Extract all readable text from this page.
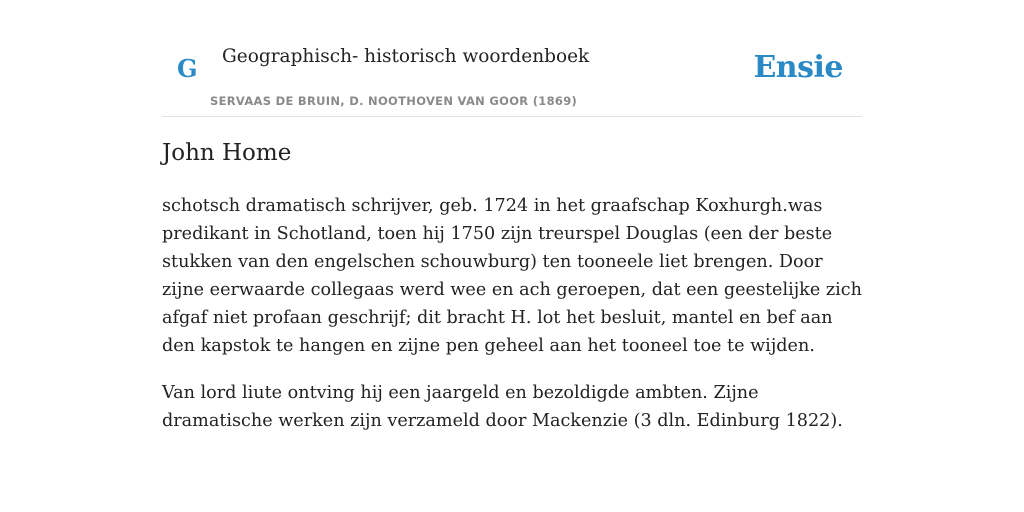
G Geographisch- historisch woordenboek
SERVAAS DE BRUIN, D. NOOTHOVEN VAN GOOR (1869)
Ensie
John Home

schotsch dramatisch schrijver, geb. 1724 in het graafschap Koxhurgh.was predikant in Schotland, toen hij 1750 zijn treurspel Douglas (een der beste stukken van den engelschen schouwburg) ten tooneele liet brengen. Door zijne eerwaarde collegaas werd wee en ach geroepen, dat een geestelijke zich afgaf niet profaan geschrijf; dit bracht H. lot het besluit, mantel en bef aan den kapstok te hangen en zijne pen geheel aan het tooneel toe te wijden.

Van lord liute ontving hij een jaargeld en bezoldigde ambten. Zijne dramatische werken zijn verzameld door Mackenzie (3 dln. Edinburg 1822).
